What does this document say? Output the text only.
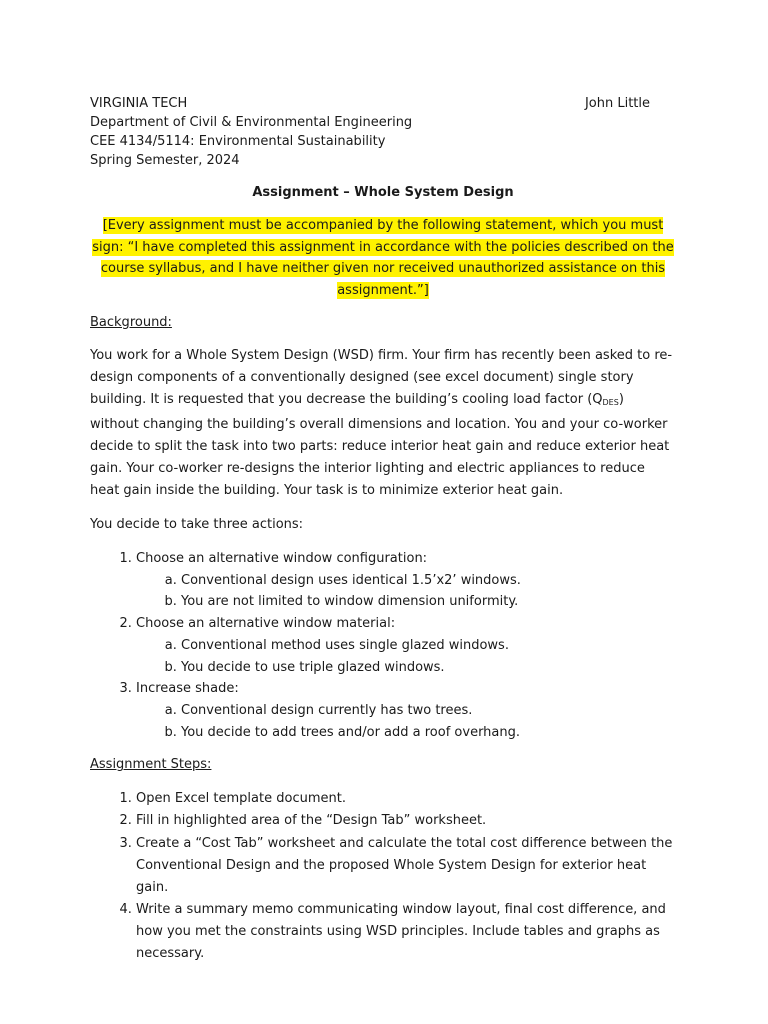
VIRGINIA TECH
Department of Civil & Environmental Engineering
CEE 4134/5114: Environmental Sustainability
Spring Semester, 2024
John Little
Assignment – Whole System Design
[Every assignment must be accompanied by the following statement, which you must sign: “I have completed this assignment in accordance with the policies described on the course syllabus, and I have neither given nor received unauthorized assistance on this assignment.”]
Background:

You work for a Whole System Design (WSD) firm. Your firm has recently been asked to re-design components of a conventionally designed (see excel document) single story building. It is requested that you decrease the building’s cooling load factor $(Q_{DES})$ without changing the building’s overall dimensions and location. You and your co-worker decide to split the task into two parts: reduce interior heat gain and reduce exterior heat gain. Your co-worker re-designs the interior lighting and electric appliances to reduce heat gain inside the building. Your task is to minimize exterior heat gain.

You decide to take three actions:

1. Choose an alternative window configuration:
a. Conventional design uses identical 1.5’x2’ windows.
b. You are not limited to window dimension uniformity.
2. Choose an alternative window material:
a. Conventional method uses single glazed windows.
b. You decide to use triple glazed windows.
3. Increase shade:
a. Conventional design currently has two trees.
b. You decide to add trees and/or add a roof overhang.
Assignment Steps:
1. Open Excel template document.
2. Fill in highlighted area of the “Design Tab” worksheet.
3. Create a “Cost Tab” worksheet and calculate the total cost difference between the Conventional Design and the proposed Whole System Design for exterior heat gain.
4. Write a summary memo communicating window layout, final cost difference, and how you met the constraints using WSD principles. Include tables and graphs as necessary.
